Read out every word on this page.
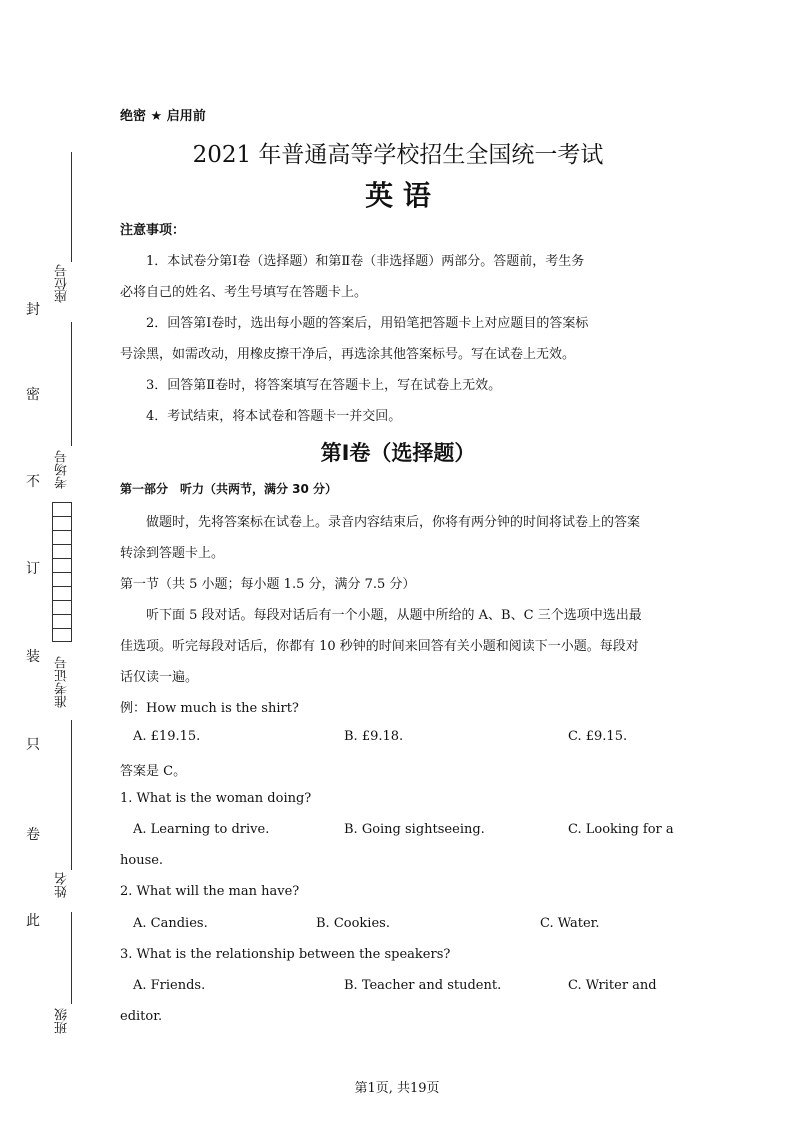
封
密
不
订
装
只
卷
此
座位号
考场号
准考证号
姓名
班级
绝密 ★ 启用前
2021 年普通高等学校招生全国统一考试
英 语
注意事项：
1．本试卷分第Ⅰ卷（选择题）和第Ⅱ卷（非选择题）两部分。答题前，考生务
必将自己的姓名、考生号填写在答题卡上。
2．回答第Ⅰ卷时，选出每小题的答案后，用铅笔把答题卡上对应题目的答案标
号涂黑，如需改动，用橡皮擦干净后，再选涂其他答案标号。写在试卷上无效。
3．回答第Ⅱ卷时，将答案填写在答题卡上，写在试卷上无效。
4．考试结束，将本试卷和答题卡一并交回。
第Ⅰ卷（选择题）
第一部分　听力（共两节，满分 30 分）
做题时，先将答案标在试卷上。录音内容结束后，你将有两分钟的时间将试卷上的答案
转涂到答题卡上。
第一节（共 5 小题；每小题 1.5 分，满分 7.5 分）
听下面 5 段对话。每段对话后有一个小题，从题中所给的 A、B、C 三个选项中选出最
佳选项。听完每段对话后，你都有 10 秒钟的时间来回答有关小题和阅读下一小题。每段对
话仅读一遍。
例：How much is the shirt?
A. £19.15.	B. £9.18.	C. £9.15.
答案是 C。
1. What is the woman doing?
A. Learning to drive.	B. Going sightseeing.	C. Looking for a
house.
2. What will the man have?
A. Candies.	B. Cookies.	C. Water.
3. What is the relationship between the speakers?
A. Friends.	B. Teacher and student.	C. Writer and
editor.
第1页, 共19页
